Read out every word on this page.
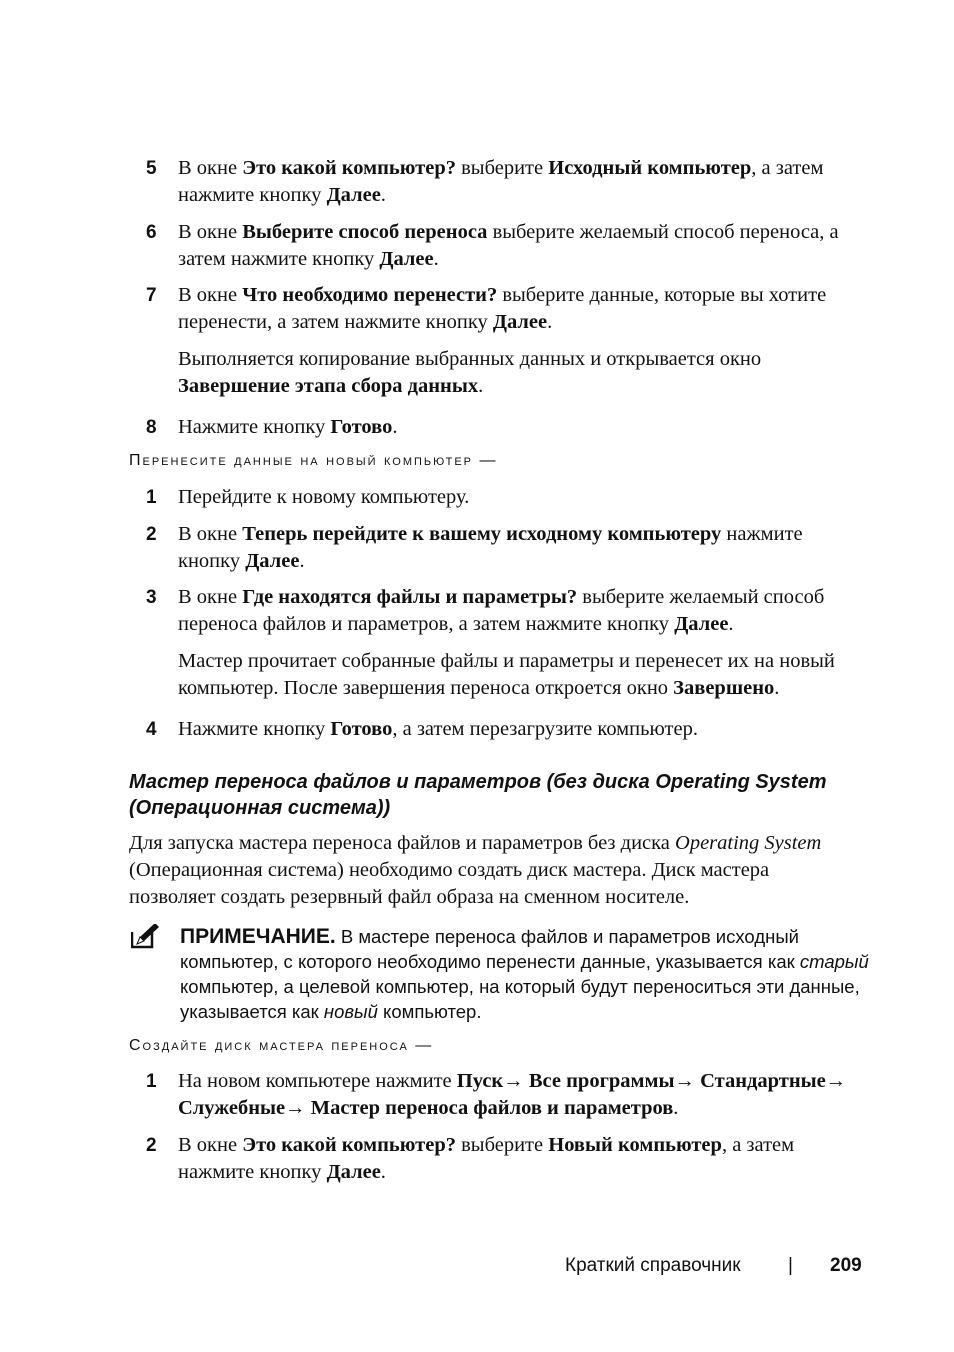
5 В окне Это какой компьютер? выберите Исходный компьютер, а затем нажмите кнопку Далее.
6 В окне Выберите способ переноса выберите желаемый способ переноса, а затем нажмите кнопку Далее.
7 В окне Что необходимо перенести? выберите данные, которые вы хотите перенести, а затем нажмите кнопку Далее.
Выполняется копирование выбранных данных и открывается окно Завершение этапа сбора данных.
8 Нажмите кнопку Готово.
Перенесите данные на новый компьютер —
1 Перейдите к новому компьютеру.
2 В окне Теперь перейдите к вашему исходному компьютеру нажмите кнопку Далее.
3 В окне Где находятся файлы и параметры? выберите желаемый способ переноса файлов и параметров, а затем нажмите кнопку Далее.
Мастер прочитает собранные файлы и параметры и перенесет их на новый компьютер. После завершения переноса откроется окно Завершено.
4 Нажмите кнопку Готово, а затем перезагрузите компьютер.
Мастер переноса файлов и параметров (без диска Operating System (Операционная система))
Для запуска мастера переноса файлов и параметров без диска Operating System (Операционная система) необходимо создать диск мастера. Диск мастера позволяет создать резервный файл образа на сменном носителе.
ПРИМЕЧАНИЕ. В мастере переноса файлов и параметров исходный компьютер, с которого необходимо перенести данные, указывается как старый компьютер, а целевой компьютер, на который будут переноситься эти данные, указывается как новый компьютер.
Создайте диск мастера переноса —
1 На новом компьютере нажмите Пуск→ Все программы→ Стандартные→
Служебные→ Мастер переноса файлов и параметров.
2 В окне Это какой компьютер? выберите Новый компьютер, а затем нажмите кнопку Далее.
Краткий справочник | 209
